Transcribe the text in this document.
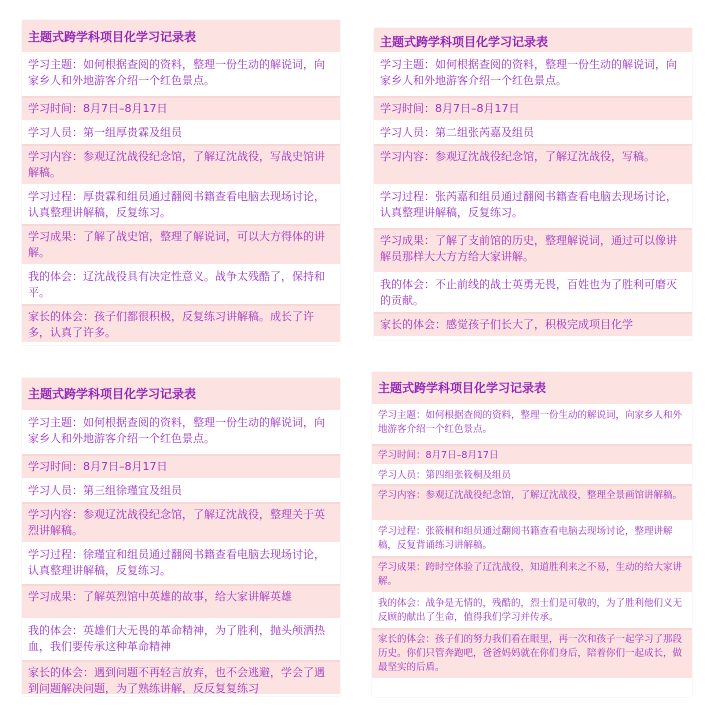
主题式跨学科项目化学习记录表
学习主题：如何根据查阅的资料，整理一份生动的解说词，向家乡人和外地游客介绍一个红色景点。
学习时间：8月7日–8月17日
学习人员：第一组厚贵霖及组员
学习内容：参观辽沈战役纪念馆，了解辽沈战役，写战史馆讲解稿。
学习过程：厚贵霖和组员通过翻阅书籍查看电脑去现场讨论，认真整理讲解稿，反复练习。
学习成果：了解了战史馆，整理了解说词，可以大方得体的讲解。
我的体会：辽沈战役具有决定性意义。战争太残酷了，保持和平。
家长的体会：孩子们都很积极，反复练习讲解稿。成长了许多，认真了许多。
主题式跨学科项目化学习记录表
学习主题：如何根据查阅的资料，整理一份生动的解说词，向家乡人和外地游客介绍一个红色景点。
学习时间：8月7日–8月17日
学习人员：第二组张芮嘉及组员
学习内容：参观辽沈战役纪念馆，了解辽沈战役，写稿。
学习过程：张芮嘉和组员通过翻阅书籍查看电脑去现场讨论，认真整理讲解稿，反复练习。
学习成果：了解了支前馆的历史，整理解说词，通过可以像讲解员那样大大方方给大家讲解。
我的体会：不止前线的战士英勇无畏，百姓也为了胜利可磨灭的贡献。
家长的体会：感觉孩子们长大了，积极完成项目化学
主题式跨学科项目化学习记录表
学习主题：如何根据查阅的资料，整理一份生动的解说词，向家乡人和外地游客介绍一个红色景点。
学习时间：8月7日–8月17日
学习人员：第三组徐瑾宜及组员
学习内容：参观辽沈战役纪念馆，了解辽沈战役，整理关于英烈讲解稿。
学习过程：徐瑾宜和组员通过翻阅书籍查看电脑去现场讨论，认真整理讲解稿，反复练习。
学习成果：了解英烈馆中英雄的故事，给大家讲解英雄
我的体会：英雄们大无畏的革命精神，为了胜利，抛头颅洒热血，我们要传承这种革命精神
家长的体会：遇到问题不再轻言放弃，也不会逃避，学会了遇到问题解决问题，为了熟练讲解，反反复复练习
主题式跨学科项目化学习记录表
学习主题：如何根据查阅的资料，整理一份生动的解说词，向家乡人和外地游客介绍一个红色景点。
学习时间：8月7日–8月17日
学习人员：第四组张筱桐及组员
学习内容：参观辽沈战役纪念馆，了解辽沈战役，整理全景画馆讲解稿。
学习过程：张筱桐和组员通过翻阅书籍查看电脑去现场讨论，整理讲解稿，反复背诵练习讲解稿。
学习成果：跨时空体验了辽沈战役，知道胜利来之不易，生动的给大家讲解。
我的体会：战争是无情的，残酷的，烈士们是可敬的，为了胜利他们义无反顾的献出了生命，值得我们学习并传承。
家长的体会：孩子们的努力我们看在眼里，再一次和孩子一起学习了那段历史。你们只管奔跑吧，爸爸妈妈就在你们身后，陪着你们一起成长，做最坚实的后盾。
